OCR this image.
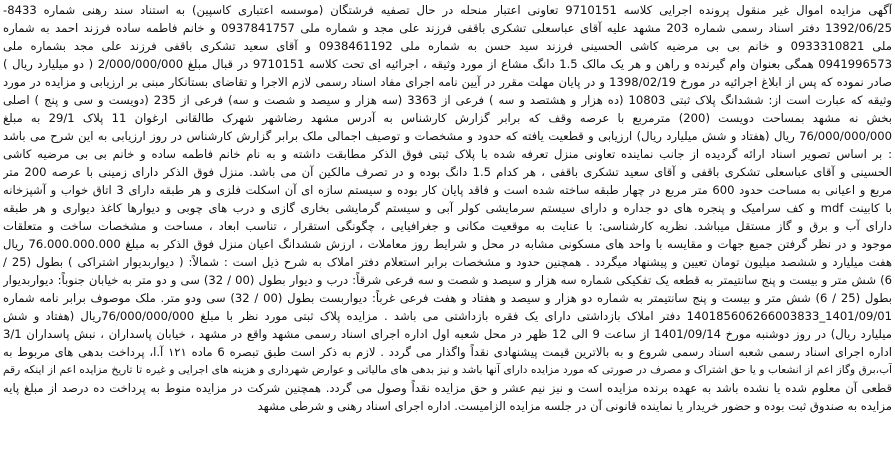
آگهی مزایده اموال غیر منقول پرونده اجرایی کلاسه 9710151 تعاونی اعتبار منحله در حال تصفیه فرشتگان (موسسه اعتباری کاسپین) به استناد سند رهنی شماره 8433-
1392/06/25 دفتر اسناد رسمی شماره 203 مشهد علیه آقای عباسعلی تشکری باقفی فرزند علی مجد و شماره ملی 0937841757 و خانم فاطمه ساده فرزند احمد به شماره
ملی 0933310821 و خانم بی بی مرضیه کاشی الحسینی فرزند سید حسن به شماره ملی 0938461192 و آقای سعید تشکری باقفی فرزند علی مجد بشماره ملی
0941996573 همگی بعنوان وام گیرنده و راهن و هر یک مالک 1.5 دانگ مشاع از مورد وثیقه ، اجرائیه ای تحت کلاسه 9710151 در قبال مبلغ 2/000/000/000 ( دو میلیارد ریال )
صادر نموده که پس از ابلاغ اجرائیه در مورخ 1398/02/19 و در پایان مهلت مقرر در آیین نامه اجرای مفاد اسناد رسمی لازم الاجرا و تقاضای بستانکار مبنی بر ارزیابی و مزایده در مورد
وثیقه که عبارت است از: ششدانگ پلاک ثبتی 10803 (ده هزار و هشتصد و سه ) فرعی از 3363 (سه هزار و سیصد و شصت و سه) فرعی از 235 (دویست و سی و پنج ) اصلی
بخش نه مشهد بمساحت دویست (200) مترمربع با عرصه وقف که برابر گزارش کارشناس به آدرس مشهد رضاشهر شهرک طالقانی ارغوان 11 پلاک 29/1 به مبلغ
76/000/000/000 ریال (هفتاد و شش میلیارد ریال) ارزیابی و قطعیت یافته که حدود و مشخصات و توصیف اجمالی ملک برابر گزارش کارشناس در روز ارزیابی به این شرح می باشد
: بر اساس تصویر اسناد ارائه گردیده از جانب نماینده تعاونی منزل تعرفه شده با پلاک ثبتی فوق الذکر مطابقت داشته و به نام خانم فاطمه ساده و خانم بی بی مرضیه کاشی
الحسینی و آقای عباسعلی تشکری باقفی و آقای سعید تشکری باقفی ، هر کدام 1.5 دانگ بوده و در تصرف مالکین آن می باشد. منزل فوق الذکر دارای زمینی با عرصه 200 متر
مربع و اعیانی به مساحت حدود 600 متر مربع در چهار طبقه ساخته شده است و فاقد پایان کار بوده و سیستم سازه ای آن اسکلت فلزی و هر طبقه دارای 3 اتاق خواب و آشپزخانه
با کابینت mdf و کف سرامیک و پنجره های دو جداره و دارای سیستم سرمایشی کولر آبی و سیستم گرمایشی بخاری گازی و درب های چوبی و دیوارها کاغذ دیواری و هر طبقه
دارای آب و برق و گاز مستقل میباشد. نظریه کارشناسی: با عنایت به موقعیت مکانی و جغرافیایی ، چگونگی استقرار ، تناسب ابعاد ، مساحت و مشخصات ساخت و متعلقات
موجود و در نظر گرفتن جمیع جهات و مقایسه با واحد های مسکونی مشابه در محل و شرایط روز معاملات ، ارزش ششدانگ اعیان منزل فوق الذکر به مبلغ 76.000.000.000 ریال
هفت میلیارد و ششصد میلیون تومان تعیین و پیشنهاد میگردد . همچنین حدود و مشخصات برابر استعلام دفتر املاک به شرح ذیل است : شمالاً: ( دیواربدیوار اشتراکی ) بطول (25 /
6) شش متر و بیست و پنج سانتیمتر به قطعه یک تفکیکی شماره سه هزار و سیصد و شصت و سه فرعی شرقاً: درب و دیوار بطول (00 / 32) سی و دو متر به خیابان جنوباً: دیواربدیوار
بطول (25 / 6) شش متر و بیست و پنج سانتیمتر به شماره دو هزار و سیصد و هفتاد و هفت فرعی غرباً: دیواربست بطول (00 / 32) سی ودو متر. ملک موصوف برابر نامه شماره
1401/09/01_140185606266003833 دفتر املاک بازداشتی دارای یک فقره بازداشتی می باشد . مزایده پلاک ثبتی مورد نظر با مبلغ 76/000/000/000ریال (هفتاد و شش
میلیارد ریال) در روز دوشنبه مورخ 1401/09/14 از ساعت 9 الی 12 ظهر در محل شعبه اول اداره اجرای اسناد رسمی مشهد واقع در مشهد ، خیابان پاسداران ، نبش پاسداران 3/1
اداره اجرای اسناد رسمی شعبه اسناد رسمی شروع و به بالاترین قیمت پیشنهادی نقداً واگذار می گردد . لازم به ذکر است طبق تبصره 6 ماده ۱۲۱ آ.ا، پرداخت بدهی های مربوط به
آب،برق وگاز اعم از انشعاب و یا حق اشتراک و مصرف در صورتی که مورد مزایده دارای آنها باشد و نیز بدهی های مالیاتی و عوارض شهرداری و هزینه های اجرایی و غیره تا تاریخ مزایده اعم از اینکه رقم
قطعی آن معلوم شده یا نشده باشد به عهده برنده مزایده است و نیز نیم عشر و حق مزایده نقداً وصول می گردد. همچنین شرکت در مزایده منوط به پرداخت ده درصد از مبلغ پایه
مزایده به صندوق ثبت بوده و حضور خریدار یا نماینده قانونی آن در جلسه مزایده الزامیست. اداره اجرای اسناد رهنی و شرطی مشهد
